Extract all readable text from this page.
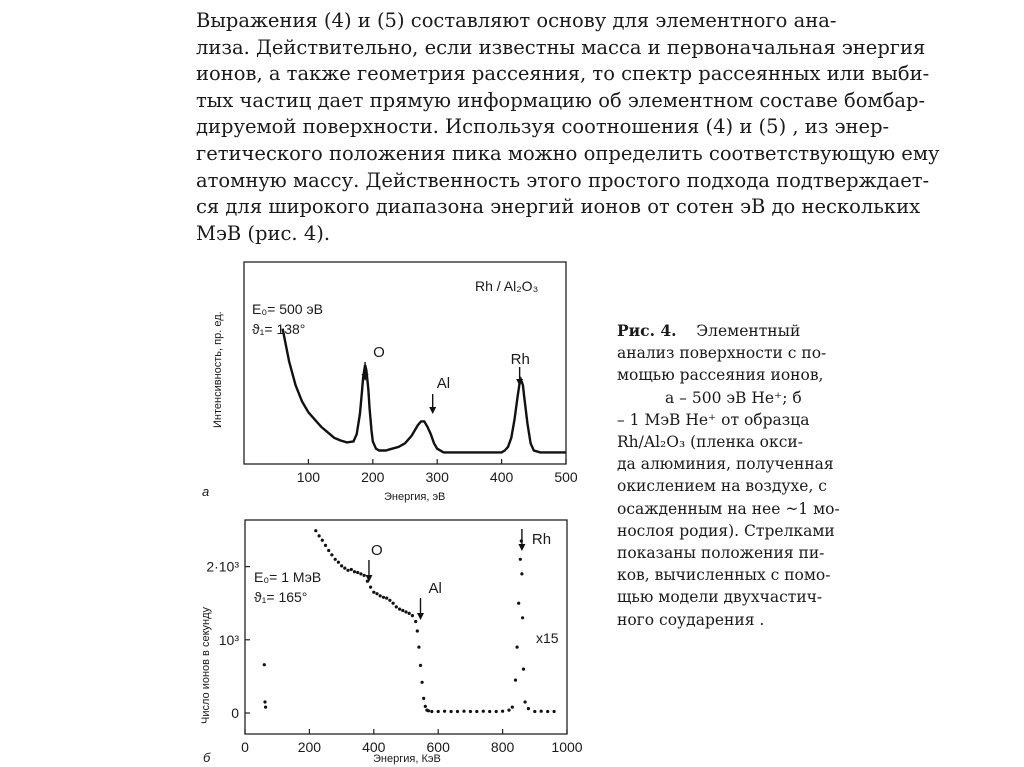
Выражения (4) и (5) составляют основу для элементного ана-
лиза. Действительно, если известны масса и первоначальная энергия
ионов, а также геометрия рассеяния, то спектр рассеянных или выби-
тых частиц дает прямую информацию об элементном составе бомбар-
дируемой поверхности. Используя соотношения (4) и (5) , из энер-
гетического положения пика можно определить соответствующую ему
атомную массу. Действенность этого простого подхода подтверждает-
ся для широкого диапазона энергий ионов от сотен эВ до нескольких
МэВ (рис. 4).
Рис. 4. Элементный
анализ поверхности с по-
мощью рассеяния ионов,
а – 500 эВ He⁺; б
– 1 МэВ He⁺ от образца
Rh/Al₂O₃ (пленка окси-
да алюминия, полученная
окислением на воздухе, с
осажденным на нее ~1 мо-
нослоя родия). Стрелками
показаны положения пи-
ков, вычисленных с помо-
щью модели двухчастич-
ного соударения .
100	200	300	400	500
O
Al
Rh
Rh / Al₂O₃
E₀= 500 эВ
ϑ₁= 138°
Энергия, эВ
Интенсивность, пр. ед.
а
0	200	400	600	800	1000
0
10³
2·10³
O
Al
Rh
E₀= 1 МэВ
ϑ₁= 165°
x15
Энергия, КэВ
Число ионов в секунду
б
